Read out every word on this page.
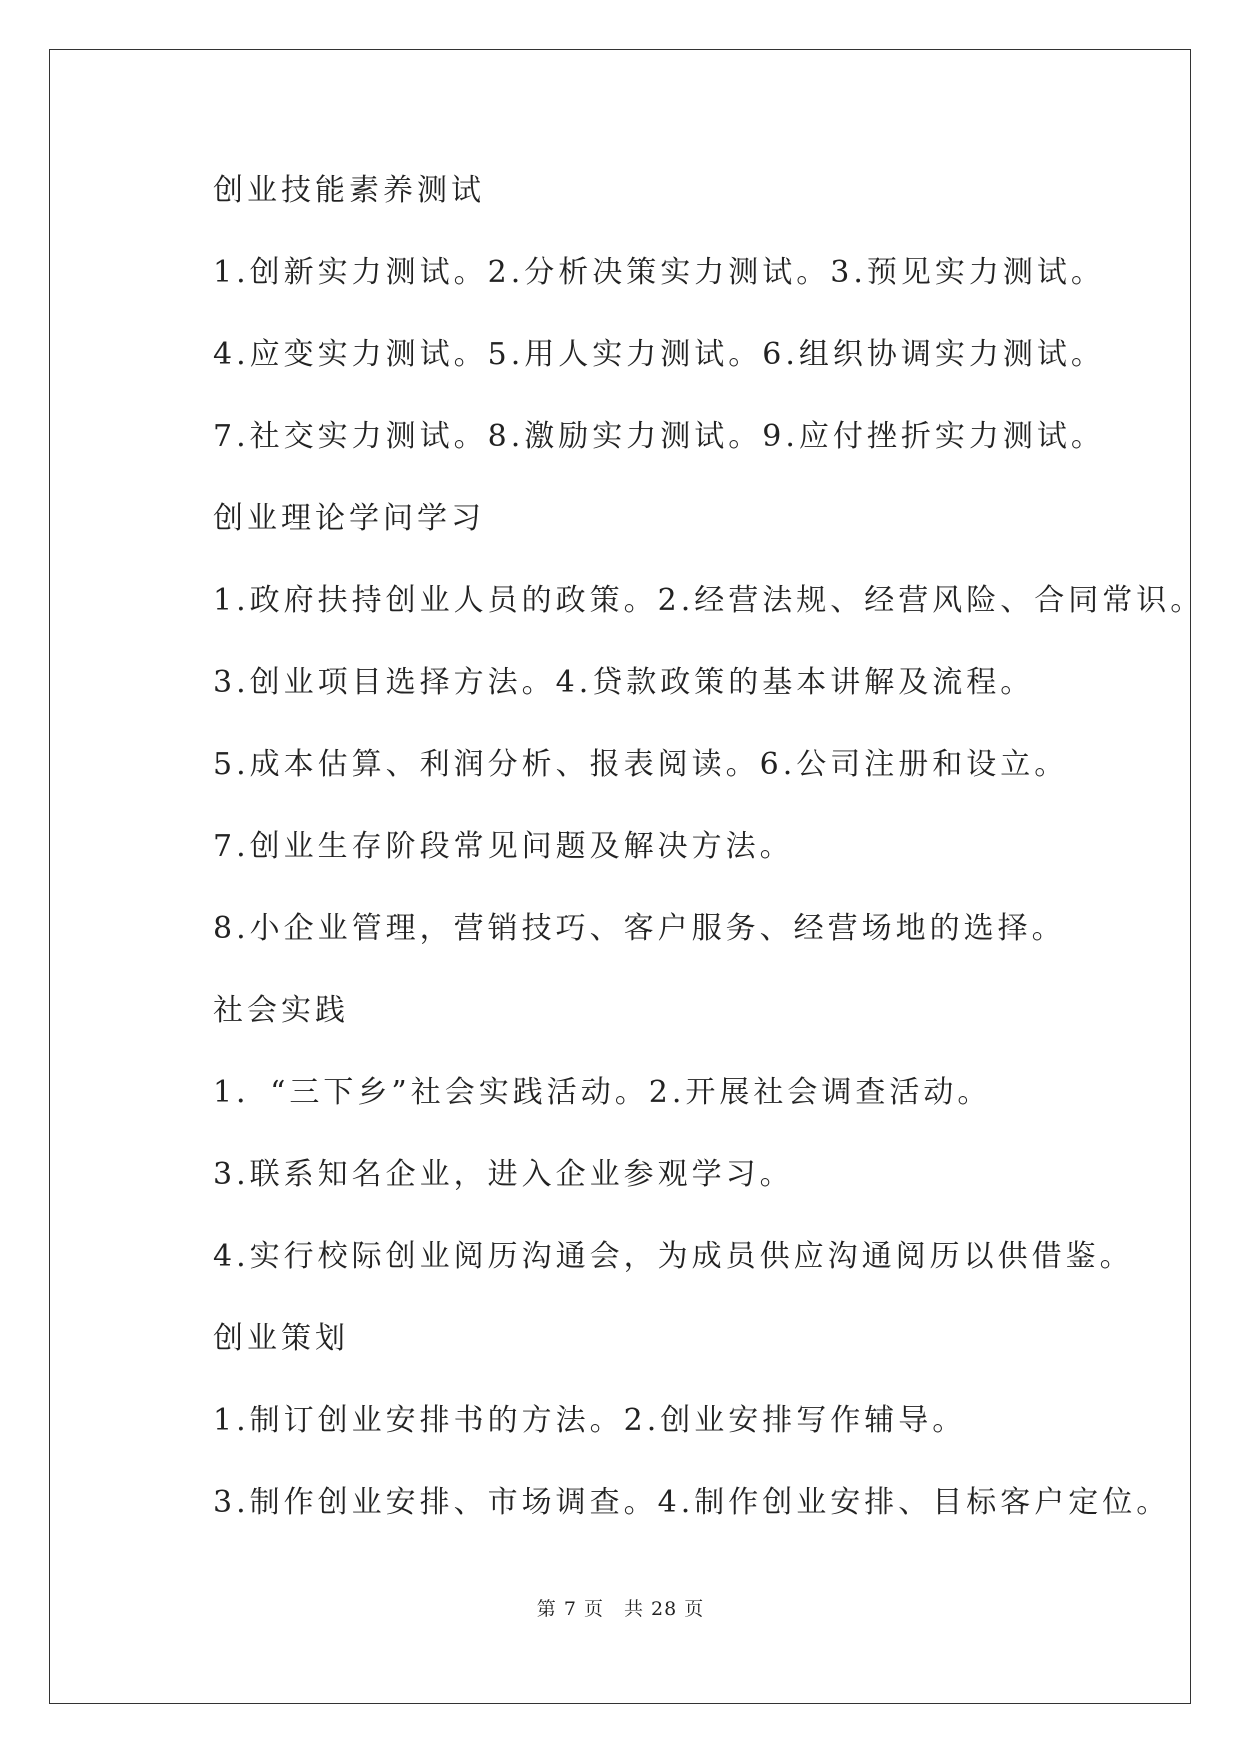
创业技能素养测试
1.创新实力测试。2.分析决策实力测试。3.预见实力测试。
4.应变实力测试。5.用人实力测试。6.组织协调实力测试。
7.社交实力测试。8.激励实力测试。9.应付挫折实力测试。
创业理论学问学习
1.政府扶持创业人员的政策。2.经营法规、经营风险、合同常识。
3.创业项目选择方法。4.贷款政策的基本讲解及流程。
5.成本估算、利润分析、报表阅读。6.公司注册和设立。
7.创业生存阶段常见问题及解决方法。
8.小企业管理，营销技巧、客户服务、经营场地的选择。
社会实践
1．“三下乡”社会实践活动。2.开展社会调查活动。
3.联系知名企业，进入企业参观学习。
4.实行校际创业阅历沟通会，为成员供应沟通阅历以供借鉴。
创业策划
1.制订创业安排书的方法。2.创业安排写作辅导。
3.制作创业安排、市场调查。4.制作创业安排、目标客户定位。
第 7 页　共 28 页
